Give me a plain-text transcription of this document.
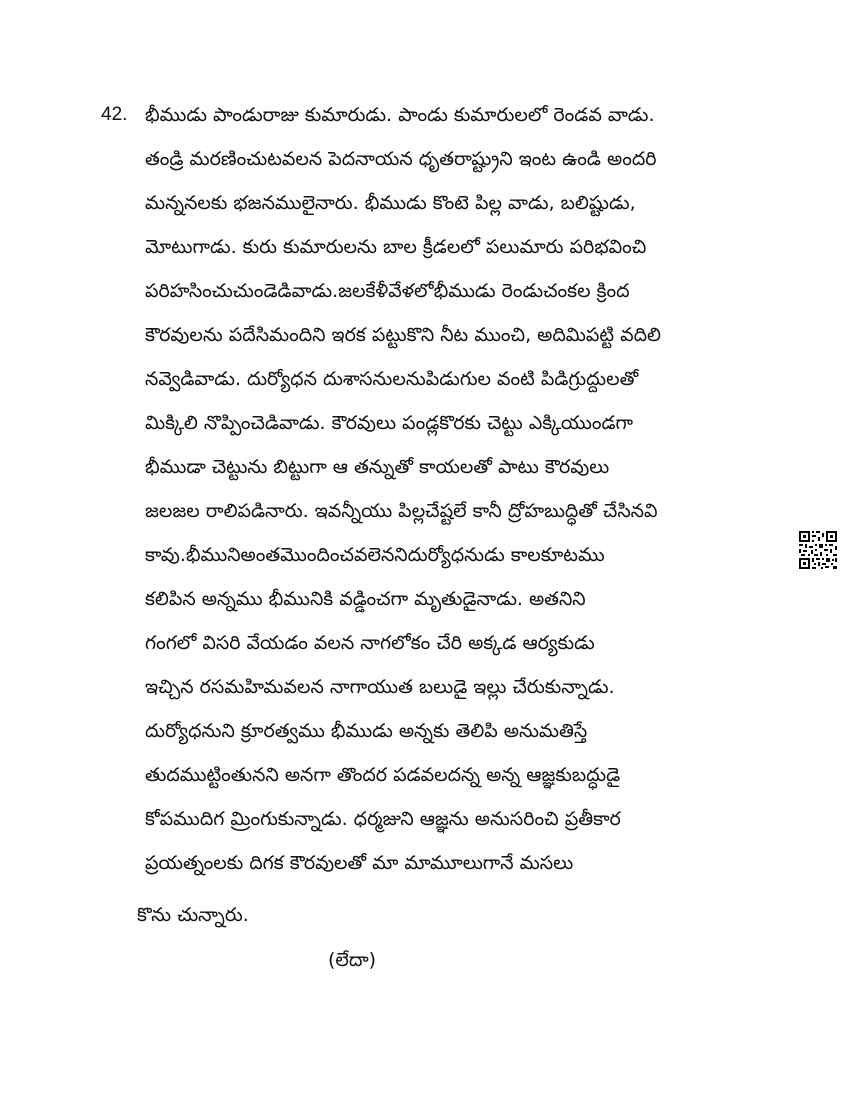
42. భీముడు పాండురాజు కుమారుడు. పాండు కుమారులలో రెండవ వాడు.
తండ్రి మరణించుటవలన పెదనాయన ధృతరాష్ట్రుని ఇంట ఉండి అందరి
మన్ననలకు భజనములైనారు. భీముడు కొంటె పిల్ల వాడు, బలిష్టుడు,
మోటుగాడు. కురు కుమారులను బాల క్రీడలలో పలుమారు పరిభవించి
పరిహసించుచుండెడివాడు.జలకేళీవేళలోభీముడు రెండుచంకల క్రింద
కౌరవులను పదేసిమందిని ఇరక పట్టుకొని నీట ముంచి, అదిమిపట్టి వదిలి
నవ్వెడివాడు. దుర్యోధన దుశాసనులనుపిడుగుల వంటి పిడిగ్రుద్దులతో
మిక్కిలి నొప్పించెడివాడు. కౌరవులు పండ్లకొరకు చెట్టు ఎక్కియుండగా
భీముడా చెట్టును బిట్టుగా ఆ తన్నుతో కాయలతో పాటు కౌరవులు
జలజల రాలిపడినారు. ఇవన్నీయు పిల్లచేష్టలే కానీ ద్రోహబుద్ధితో చేసినవి
కావు.భీమునిఅంతమొందించవలెననిదుర్యోధనుడు కాలకూటము
కలిపిన అన్నము భీమునికి వడ్డించగా మృతుడైనాడు. అతనిని
గంగలో విసరి వేయడం వలన నాగలోకం చేరి అక్కడ ఆర్యకుడు
ఇచ్చిన రసమహిమవలన నాగాయుత బలుడై ఇల్లు చేరుకున్నాడు.
దుర్యోధనుని క్రూరత్వము భీముడు అన్నకు తెలిపి అనుమతిస్తే
తుదముట్టింతునని అనగా తొందర పడవలదన్న అన్న ఆజ్ఞకుబద్ధుడై
కోపముదిగ మ్రింగుకున్నాడు. ధర్మజుని ఆజ్ఞను అనుసరించి ప్రతీకార
ప్రయత్నంలకు దిగక కౌరవులతో మా మామూలుగానే మసలు
కొను చున్నారు.
(లేదా)
